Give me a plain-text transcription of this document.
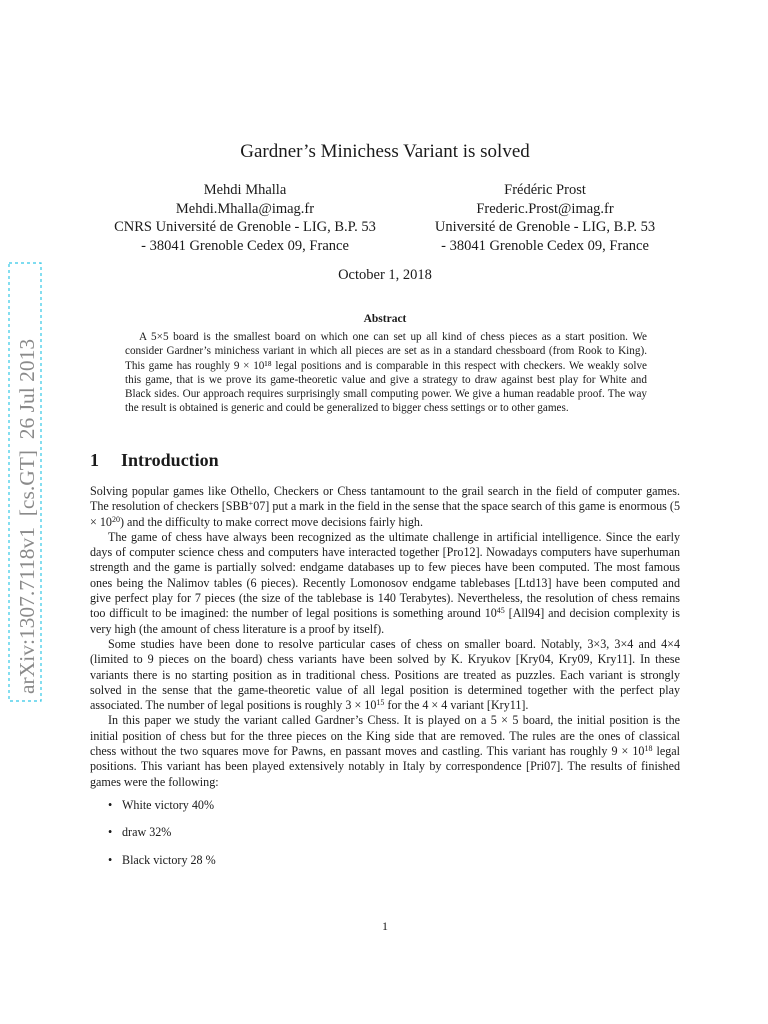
arXiv:1307.7118v1  [cs.GT]  26 Jul 2013
Gardner’s Minichess Variant is solved
Mehdi Mhalla
Mehdi.Mhalla@imag.fr
CNRS Université de Grenoble - LIG, B.P. 53
- 38041 Grenoble Cedex 09, France
Frédéric Prost
Frederic.Prost@imag.fr
Université de Grenoble - LIG, B.P. 53
- 38041 Grenoble Cedex 09, France
October 1, 2018
Abstract

A 5×5 board is the smallest board on which one can set up all kind of chess pieces as a start position. We consider Gardner’s minichess variant in which all pieces are set as in a standard chessboard (from Rook to King). This game has roughly 9 × 10¹⁸ legal positions and is comparable in this respect with checkers. We weakly solve this game, that is we prove its game-theoretic value and give a strategy to draw against best play for White and Black sides. Our approach requires surprisingly small computing power. We give a human readable proof. The way the result is obtained is generic and could be generalized to bigger chess settings or to other games.

1 Introduction

Solving popular games like Othello, Checkers or Chess tantamount to the grail search in the field of computer games. The resolution of checkers [SBB+07] put a mark in the field in the sense that the space search of this game is enormous $(5 \times 10^{20})$ and the difficulty to make correct move decisions fairly high.

The game of chess have always been recognized as the ultimate challenge in artificial intelligence. Since the early days of computer science chess and computers have interacted together [Pro12]. Nowadays computers have superhuman strength and the game is partially solved: endgame databases up to few pieces have been computed. The most famous ones being the Nalimov tables (6 pieces). Recently Lomonosov endgame tablebases [Ltd13] have been computed and give perfect play for 7 pieces (the size of the tablebase is 140 Terabytes). Nevertheless, the resolution of chess remains too difficult to be imagined: the number of legal positions is something around $10^{45}$ [All94] and decision complexity is very high (the amount of chess literature is a proof by itself).

Some studies have been done to resolve particular cases of chess on smaller board. Notably, 3×3, 3×4 and 4×4 (limited to 9 pieces on the board) chess variants have been solved by K. Kryukov [Kry04, Kry09, Kry11]. In these variants there is no starting position as in traditional chess. Positions are treated as puzzles. Each variant is strongly solved in the sense that the game-theoretic value of all legal position is determined together with the perfect play associated. The number of legal positions is roughly $3 \times 10^{15}$ for the 4 × 4 variant [Kry11].

In this paper we study the variant called Gardner’s Chess. It is played on a 5 × 5 board, the initial position is the initial position of chess but for the three pieces on the King side that are removed. The rules are the ones of classical chess without the two squares move for Pawns, en passant moves and castling. This variant has roughly $9 \times 10^{18}$ legal positions. This variant has been played extensively notably in Italy by correspondence [Pri07]. The results of finished games were the following:

• White victory 40%
• draw 32%
• Black victory 28 %
1
